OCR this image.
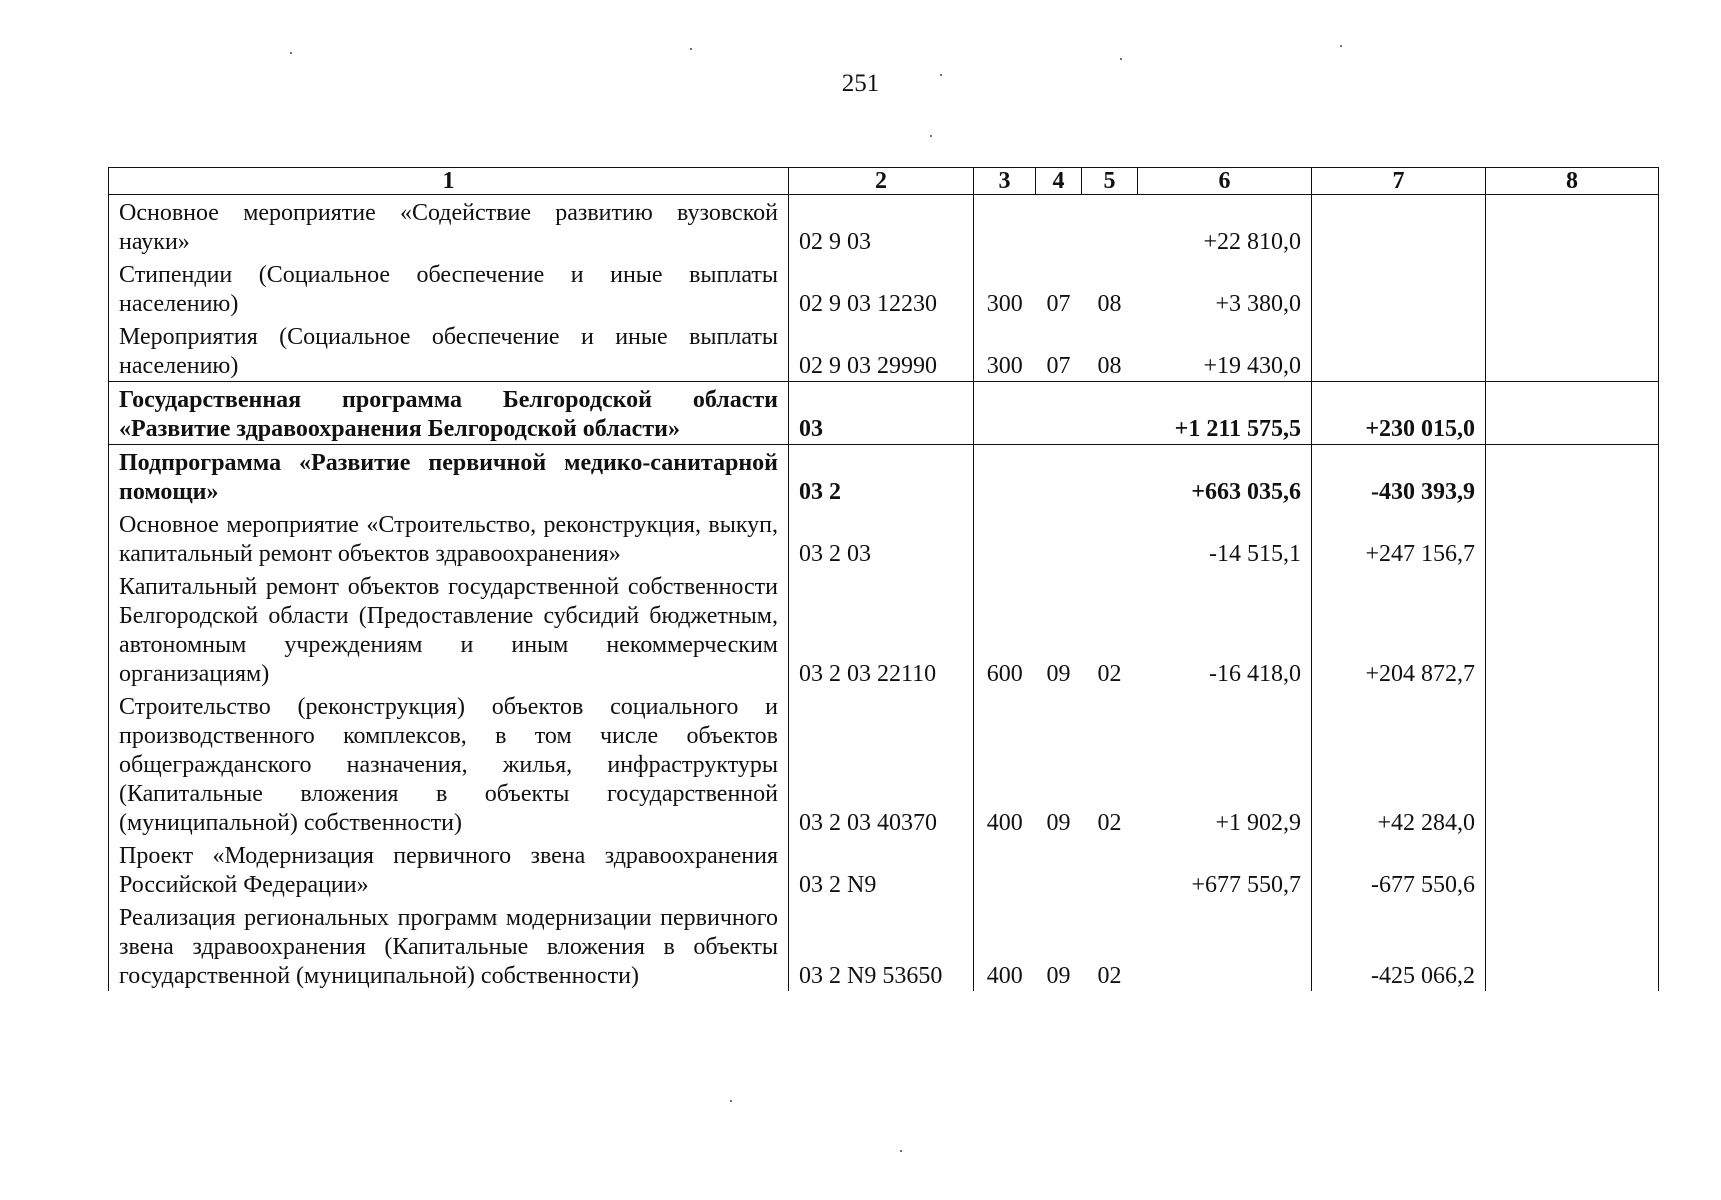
251
1	2	3	4	5	6	7	8
Основное мероприятие «Содействие развитию вузовской науки»	02 9 03				+22 810,0		
Стипендии (Социальное обеспечение и иные выплаты населению)	02 9 03 12230	300	07	08	+3 380,0		
Мероприятия (Социальное обеспечение и иные выплаты населению)	02 9 03 29990	300	07	08	+19 430,0		
Государственная программа Белгородской области «Развитие здравоохранения Белгородской области»	03				+1 211 575,5	+230 015,0	
Подпрограмма «Развитие первичной медико-санитарной помощи»	03 2				+663 035,6	-430 393,9	
Основное мероприятие «Строительство, реконструкция, выкуп, капитальный ремонт объектов здравоохранения»	03 2 03				-14 515,1	+247 156,7	
Капитальный ремонт объектов государственной собственности Белгородской области (Предоставление субсидий бюджетным, автономным учреждениям и иным некоммерческим организациям)	03 2 03 22110	600	09	02	-16 418,0	+204 872,7	
Строительство (реконструкция) объектов социального и производственного комплексов, в том числе объектов общегражданского назначения, жилья, инфраструктуры (Капитальные вложения в объекты государственной (муниципальной) собственности)	03 2 03 40370	400	09	02	+1 902,9	+42 284,0	
Проект «Модернизация первичного звена здравоохранения Российской Федерации»	03 2 N9				+677 550,7	-677 550,6	
Реализация региональных программ модернизации первичного звена здравоохранения (Капитальные вложения в объекты государственной (муниципальной) собственности)	03 2 N9 53650	400	09	02		-425 066,2	
